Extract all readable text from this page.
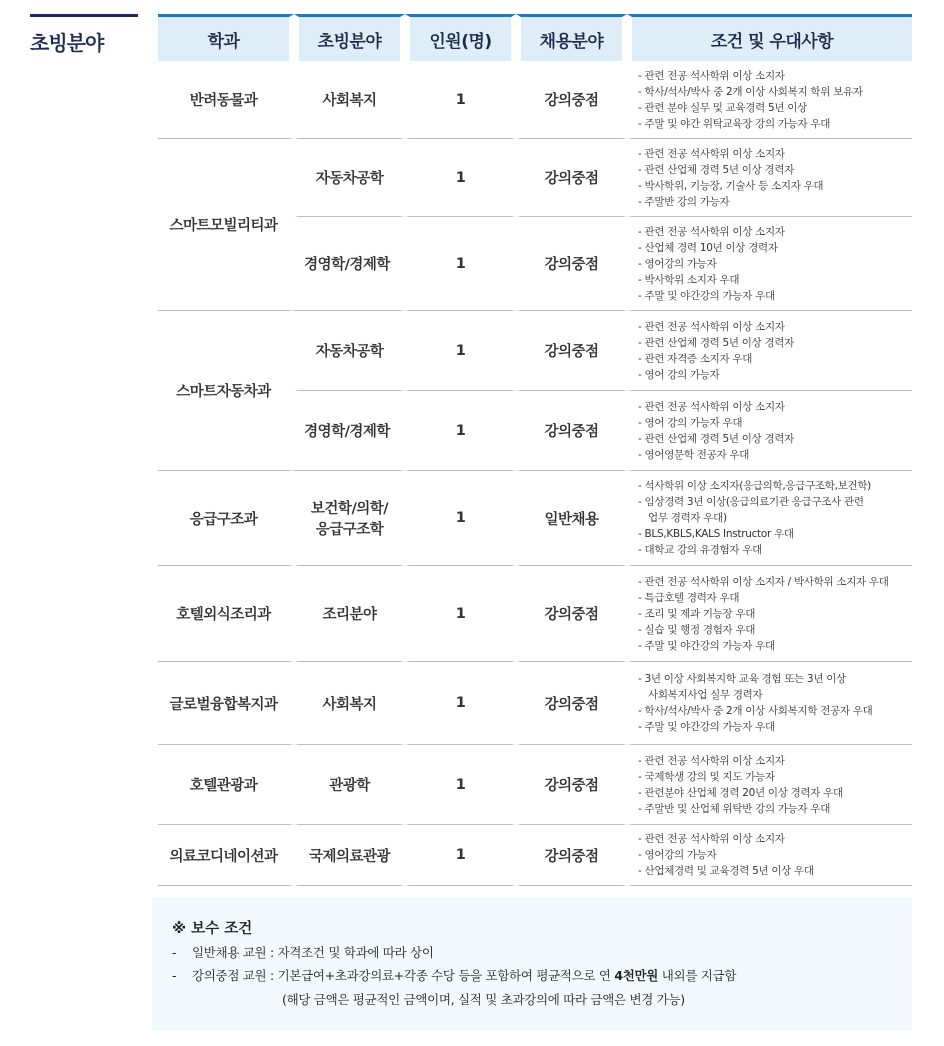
초빙분야	학과	초빙분야	인원(명)	채용분야	조건 및 우대사항
반려동물과	사회복지	1	강의중점	- 관련 전공 석사학위 이상 소지자
- 학사/석사/박사 중 2개 이상 사회복지 학위 보유자
- 관련 분야 실무 및 교육경력 5년 이상
- 주말 및 야간 위탁교육장 강의 가능자 우대

스마트모빌리티과	자동차공학	1	강의중점	- 관련 전공 석사학위 이상 소지자
- 관련 산업체 경력 5년 이상 경력자
- 박사학위, 기능장, 기술사 등 소지자 우대
- 주말반 강의 가능자

	경영학/경제학	1	강의중점	- 관련 전공 석사학위 이상 소지자
- 산업체 경력 10년 이상 경력자
- 영어강의 가능자
- 박사학위 소지자 우대
- 주말 및 야간강의 가능자 우대

스마트자동차과	자동차공학	1	강의중점	- 관련 전공 석사학위 이상 소지자
- 관련 산업체 경력 5년 이상 경력자
- 관련 자격증 소지자 우대
- 영어 강의 가능자

	경영학/경제학	1	강의중점	- 관련 전공 석사학위 이상 소지자
- 영어 강의 가능자 우대
- 관련 산업체 경력 5년 이상 경력자
- 영어영문학 전공자 우대

응급구조과	보건학/의학/
응급구조학	1	일반채용	- 석사학위 이상 소지자(응급의학,응급구조학,보건학)
- 임상경력 3년 이상(응급의료기관 응급구조사 관련
업무 경력자 우대)
- BLS,KBLS,KALS Instructor 우대
- 대학교 강의 유경험자 우대

호텔외식조리과	조리분야	1	강의중점	- 관련 전공 석사학위 이상 소지자 / 박사학위 소지자 우대
- 특급호텔 경력자 우대
- 조리 및 제과 기능장 우대
- 실습 및 행정 경험자 우대
- 주말 및 야간강의 가능자 우대

글로벌융합복지과	사회복지	1	강의중점	- 3년 이상 사회복지학 교육 경험 또는 3년 이상
사회복지사업 실무 경력자
- 학사/석사/박사 중 2개 이상 사회복지학 전공자 우대
- 주말 및 야간강의 가능자 우대

호텔관광과	관광학	1	강의중점	- 관련 전공 석사학위 이상 소지자
- 국제학생 강의 및 지도 가능자
- 관련분야 산업체 경력 20년 이상 경력자 우대
- 주말반 및 산업체 위탁반 강의 가능자 우대

의료코디네이션과	국제의료관광	1	강의중점	- 관련 전공 석사학위 이상 소지자
- 영어강의 가능자
- 산업체경력 및 교육경력 5년 이상 우대
※ 보수 조건
- 일반채용 교원 : 자격조건 및 학과에 따라 상이
- 강의중점 교원 : 기본급여+초과강의료+각종 수당 등을 포함하여 평균적으로 연 4천만원 내외를 지급함
(해당 금액은 평균적인 금액이며, 실적 및 초과강의에 따라 금액은 변경 가능)
